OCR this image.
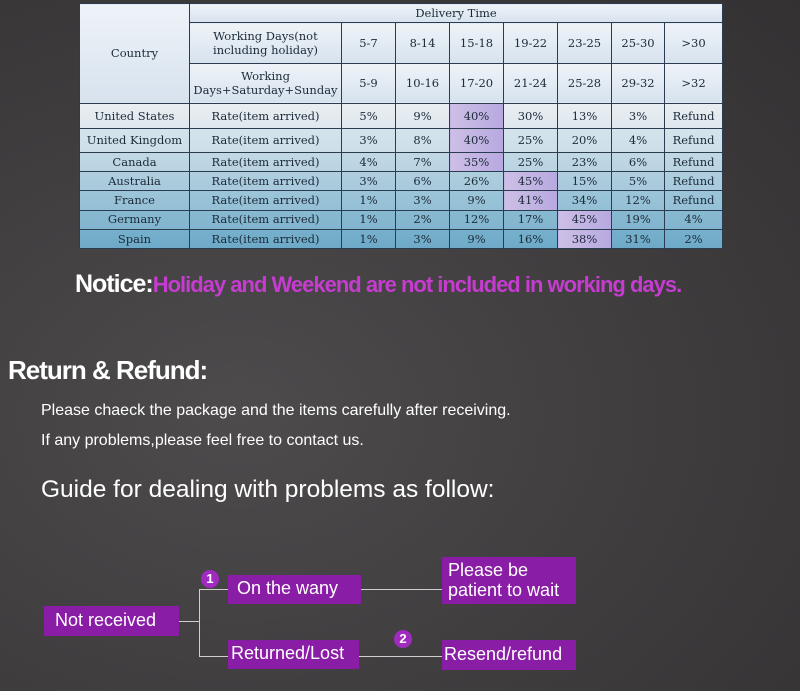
Country	Delivery Time							
	Working Days(not including holiday)	5-7	8-14	15-18	19-22	23-25	25-30	>30
	Working Days+Saturday+Sunday	5-9	10-16	17-20	21-24	25-28	29-32	>32
United States	Rate(item arrived)	5%	9%	40%	30%	13%	3%	Refund
United Kingdom	Rate(item arrived)	3%	8%	40%	25%	20%	4%	Refund
Canada	Rate(item arrived)	4%	7%	35%	25%	23%	6%	Refund
Australia	Rate(item arrived)	3%	6%	26%	45%	15%	5%	Refund
France	Rate(item arrived)	1%	3%	9%	41%	34%	12%	Refund
Germany	Rate(item arrived)	1%	2%	12%	17%	45%	19%	4%
Spain	Rate(item arrived)	1%	3%	9%	16%	38%	31%	2%
Notice:Holiday and Weekend are not included in working days.
Return & Refund:

Please chaeck the package and the items carefully after receiving.

If any problems,please feel free to contact us.

Guide for dealing with problems as follow:

Not received
1	On the wany
Please be patient to wait
2
Returned/Lost	Resend/refund
